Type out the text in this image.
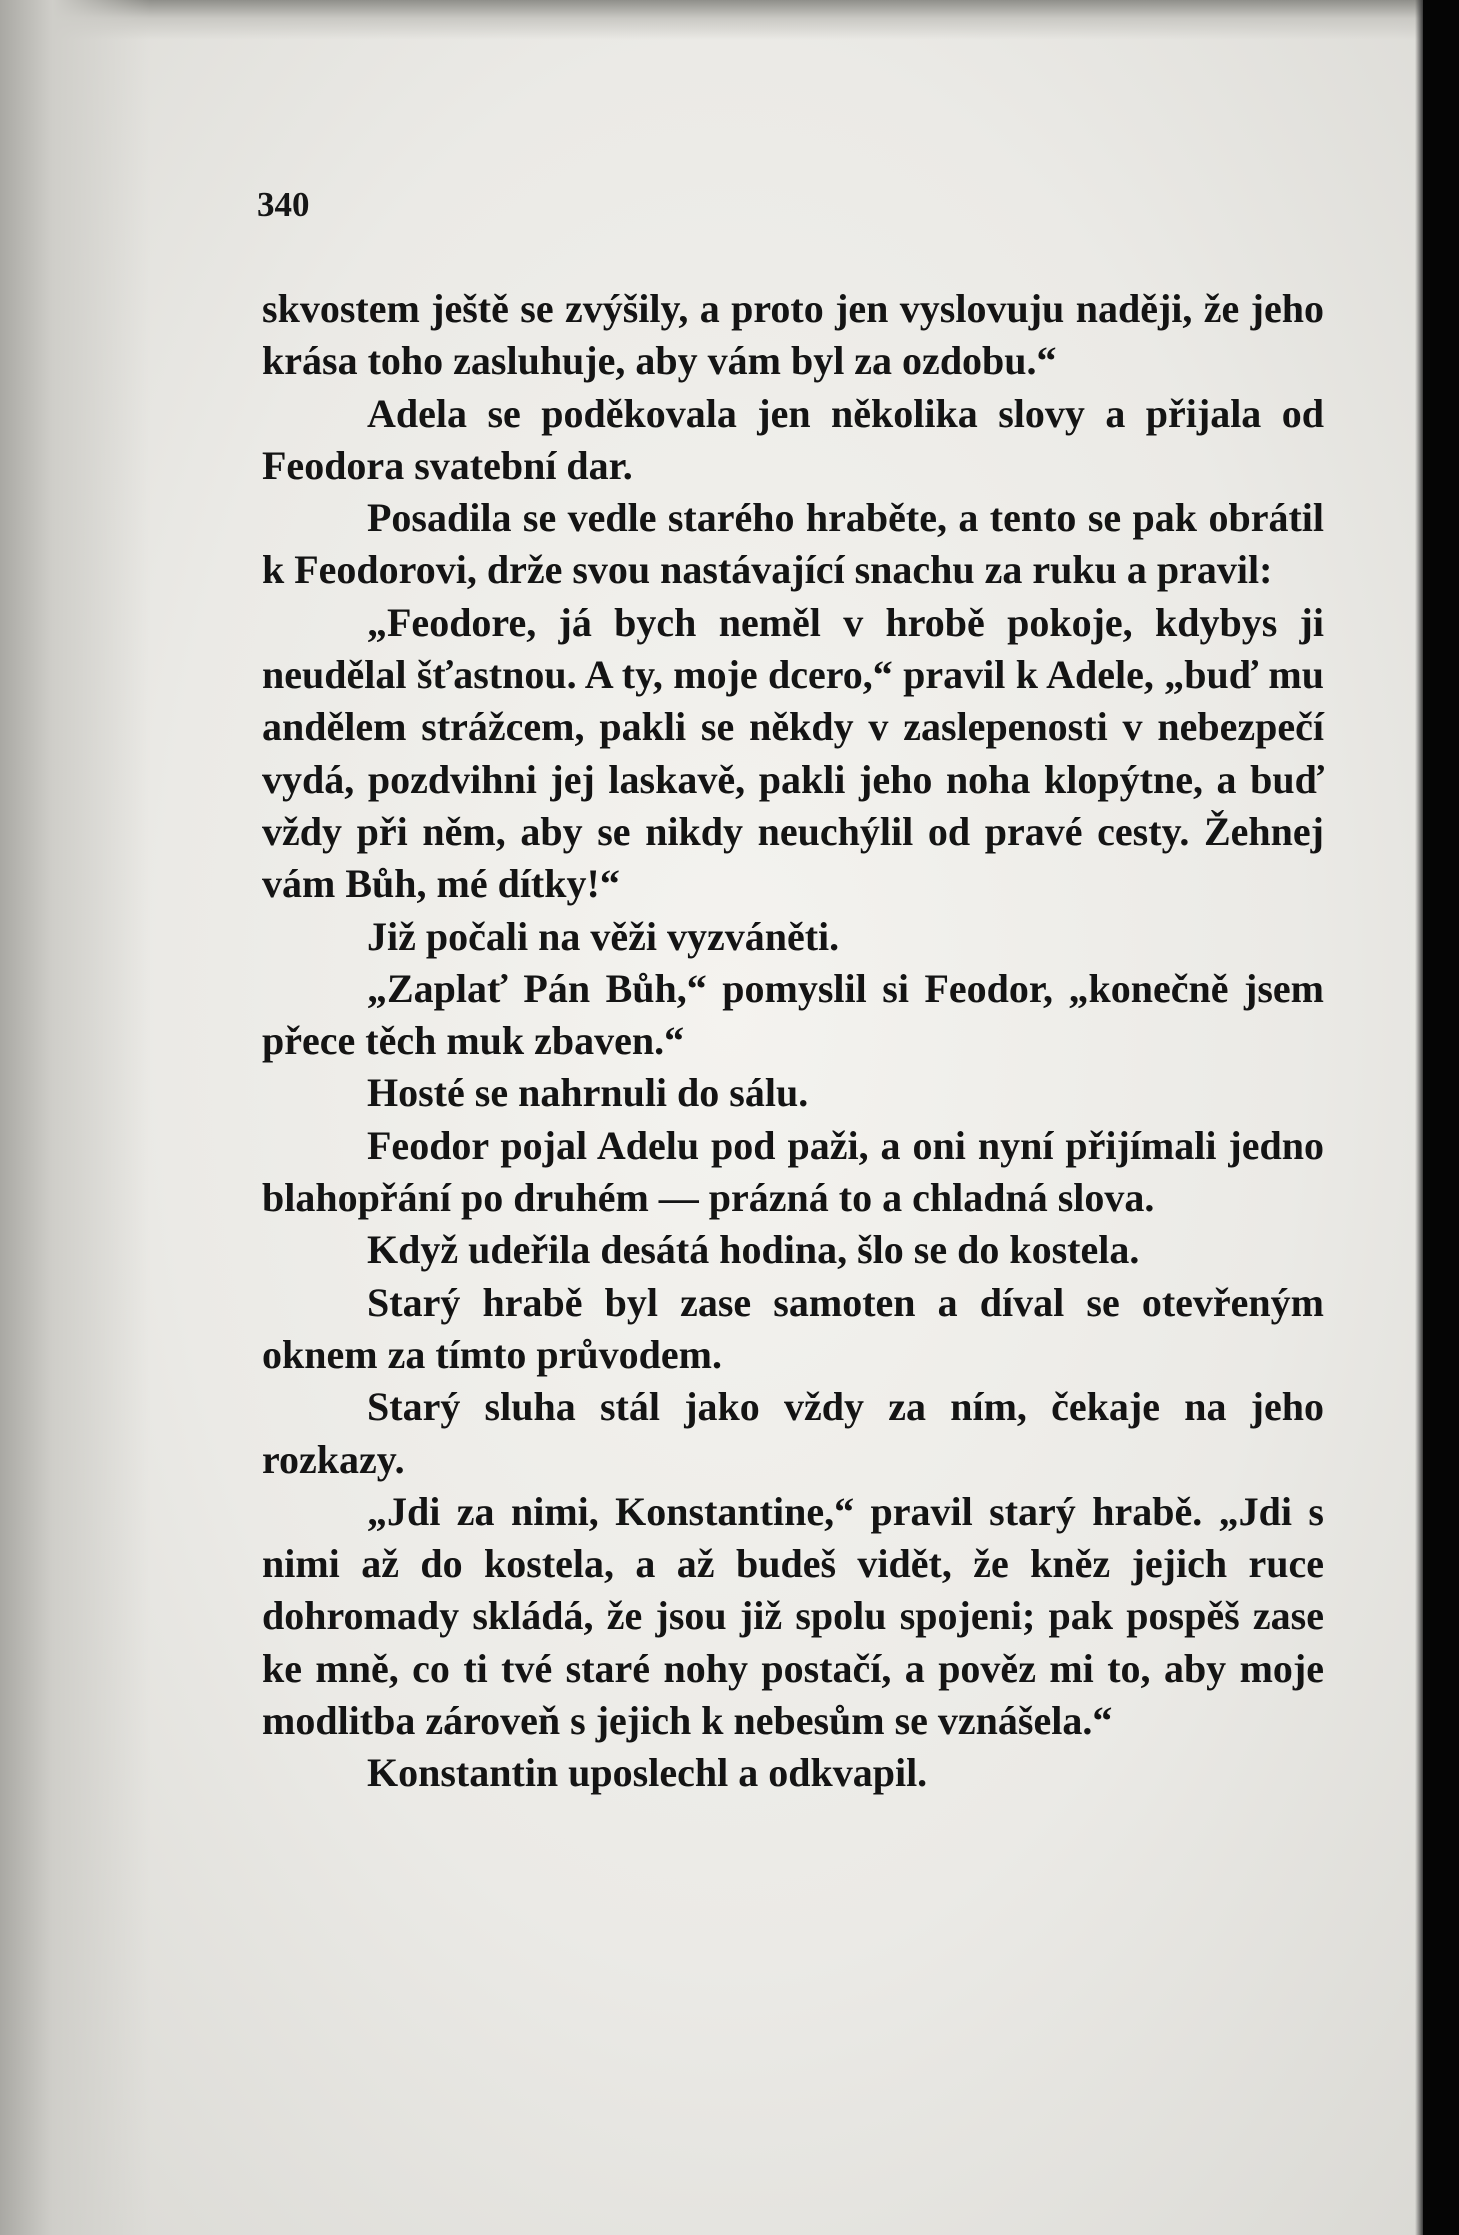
340

skvostem ještě se zvýšily, a proto jen vyslovuju naději, že jeho krása toho zasluhuje, aby vám byl za ozdobu.“

Adela se poděkovala jen několika slovy a přijala od Feodora svatební dar.

Posadila se vedle starého hraběte, a tento se pak obrátil k Feodorovi, drže svou nastávající snachu za ruku a pravil:

„Feodore, já bych neměl v hrobě pokoje, kdybys ji neudělal šťastnou. A ty, moje dcero,“ pravil k Adele, „buď mu andělem strážcem, pakli se někdy v zaslepenosti v nebezpečí vydá, pozdvihni jej laskavě, pakli jeho noha klopýtne, a buď vždy při něm, aby se nikdy neuchýlil od pravé cesty. Žehnej vám Bůh, mé dítky!“

Již počali na věži vyzváněti.

„Zaplať Pán Bůh,“ pomyslil si Feodor, „konečně jsem přece těch muk zbaven.“

Hosté se nahrnuli do sálu.

Feodor pojal Adelu pod paži, a oni nyní přijímali jedno blahopřání po druhém — prázná to a chladná slova.

Když udeřila desátá hodina, šlo se do kostela.

Starý hrabě byl zase samoten a díval se otevřeným oknem za tímto průvodem.

Starý sluha stál jako vždy za ním, čekaje na jeho rozkazy.

„Jdi za nimi, Konstantine,“ pravil starý hrabě. „Jdi s nimi až do kostela, a až budeš vidět, že kněz jejich ruce dohromady skládá, že jsou již spolu spojeni; pak pospěš zase ke mně, co ti tvé staré nohy postačí, a pověz mi to, aby moje modlitba zároveň s jejich k nebesům se vznášela.“

Konstantin uposlechl a odkvapil.
